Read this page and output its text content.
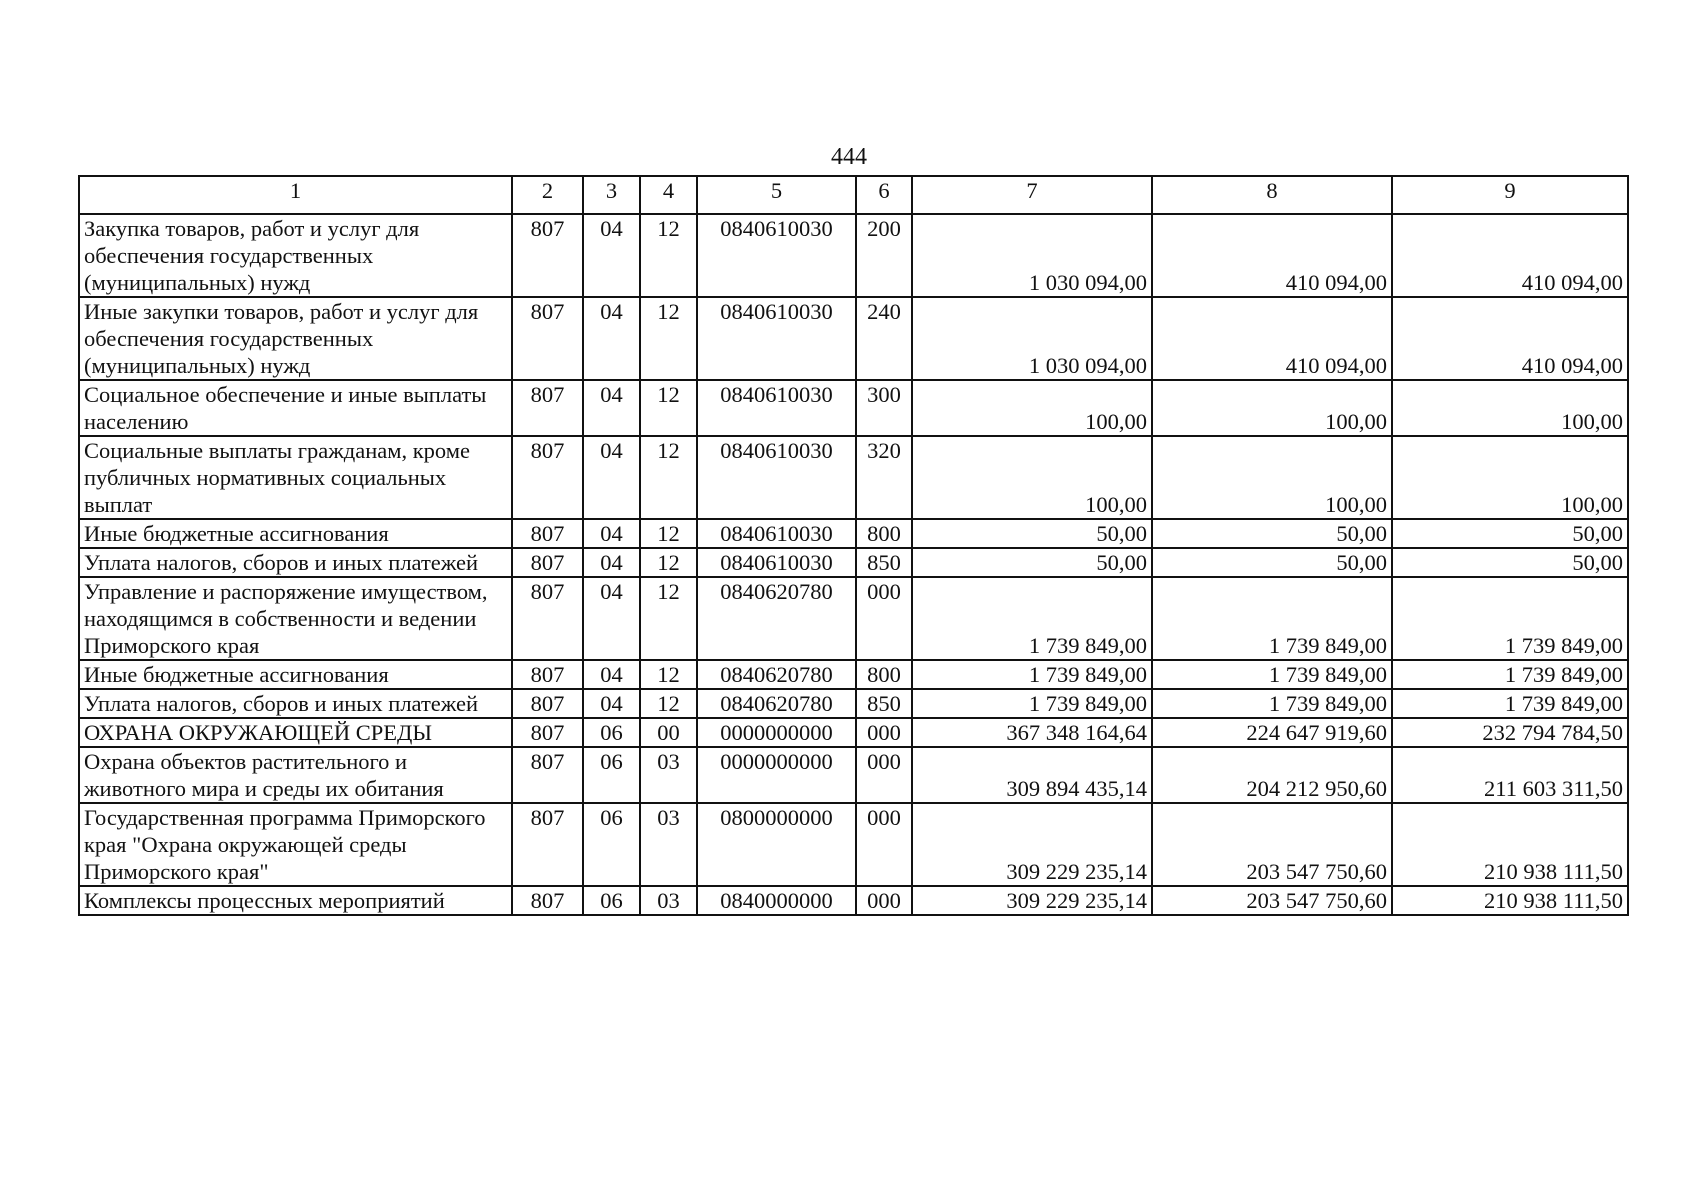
444
1	2	3	4	5	6	7	8	9
Закупка товаров, работ и услуг для обеспечения государственных (муниципальных) нужд	807	04	12	0840610030	200	1 030 094,00	410 094,00	410 094,00
Иные закупки товаров, работ и услуг для обеспечения государственных (муниципальных) нужд	807	04	12	0840610030	240	1 030 094,00	410 094,00	410 094,00
Социальное обеспечение и иные выплаты населению	807	04	12	0840610030	300	100,00	100,00	100,00
Социальные выплаты гражданам, кроме публичных нормативных социальных выплат	807	04	12	0840610030	320	100,00	100,00	100,00
Иные бюджетные ассигнования	807	04	12	0840610030	800	50,00	50,00	50,00
Уплата налогов, сборов и иных платежей	807	04	12	0840610030	850	50,00	50,00	50,00
Управление и распоряжение имуществом, находящимся в собственности и ведении Приморского края	807	04	12	0840620780	000	1 739 849,00	1 739 849,00	1 739 849,00
Иные бюджетные ассигнования	807	04	12	0840620780	800	1 739 849,00	1 739 849,00	1 739 849,00
Уплата налогов, сборов и иных платежей	807	04	12	0840620780	850	1 739 849,00	1 739 849,00	1 739 849,00
ОХРАНА ОКРУЖАЮЩЕЙ СРЕДЫ	807	06	00	0000000000	000	367 348 164,64	224 647 919,60	232 794 784,50
Охрана объектов растительного и животного мира и среды их обитания	807	06	03	0000000000	000	309 894 435,14	204 212 950,60	211 603 311,50
Государственная программа Приморского края "Охрана окружающей среды Приморского края"	807	06	03	0800000000	000	309 229 235,14	203 547 750,60	210 938 111,50
Комплексы процессных мероприятий	807	06	03	0840000000	000	309 229 235,14	203 547 750,60	210 938 111,50
